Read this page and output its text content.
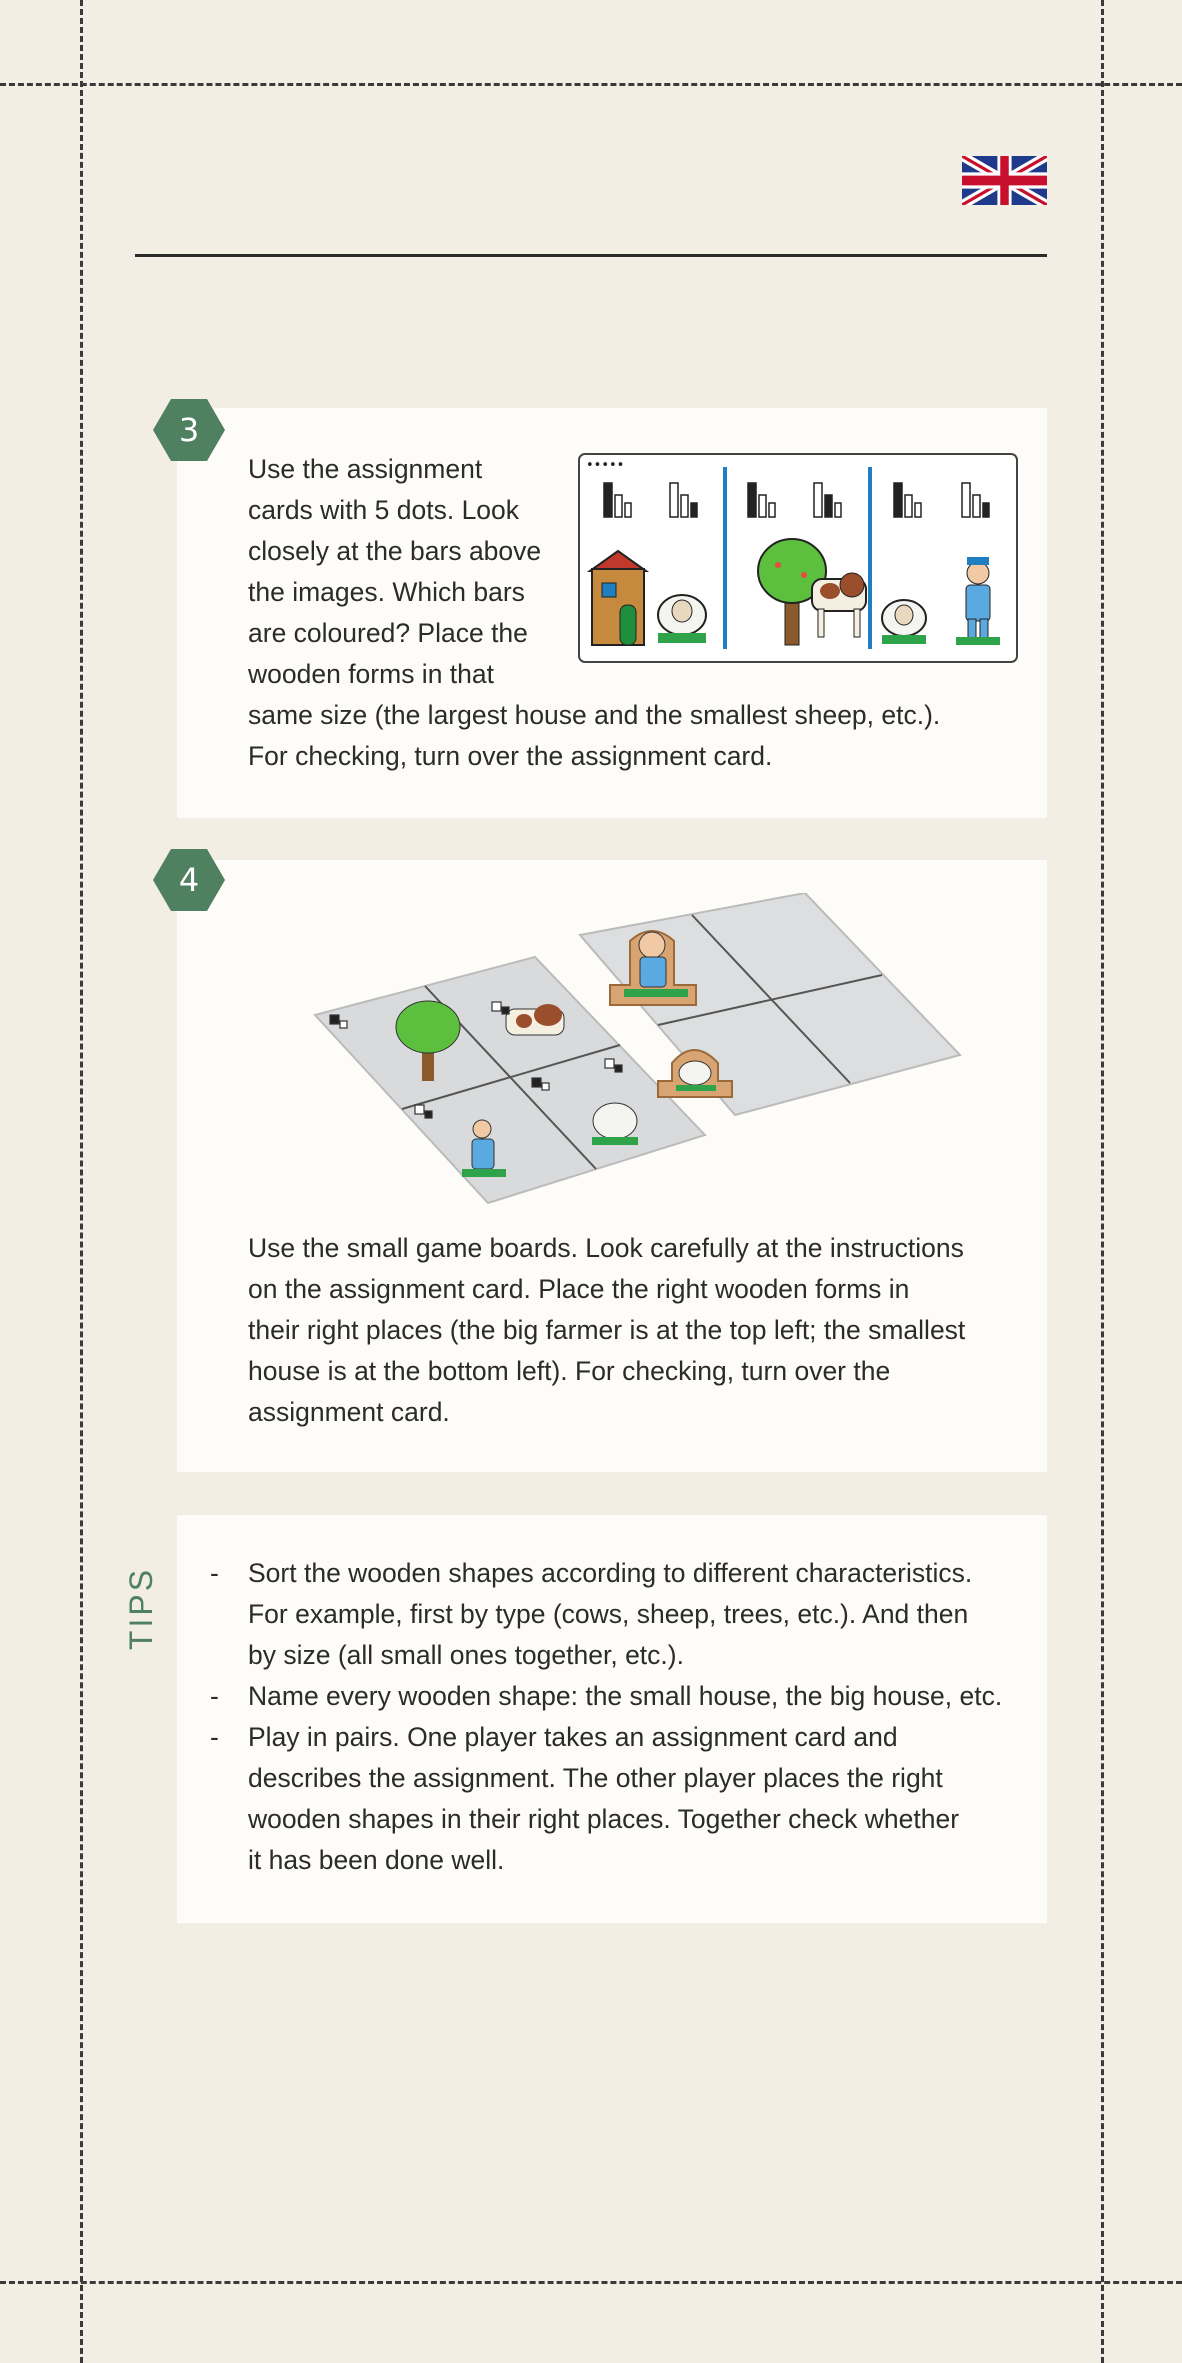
3

Use the assignment

cards with 5 dots. Look

closely at the bars above

the images. Which bars

are coloured? Place the

wooden forms in that

same size (the largest house and the smallest sheep, etc.).

For checking, turn over the assignment card.

•••••
4

Use the small game boards. Look carefully at the instructions

on the assignment card. Place the right wooden forms in

their right places (the big farmer is at the top left; the smallest

house is at the bottom left). For checking, turn over the

assignment card.

TIPS
-	Sort the wooden shapes according to different characteristics.
For example, first by type (cows, sheep, trees, etc.). And then
by size (all small ones together, etc.).
- Name every wooden shape: the small house, the big house, etc.
- Play in pairs. One player takes an assignment card and
describes the assignment. The other player places the right
wooden shapes in their right places. Together check whether
it has been done well.
